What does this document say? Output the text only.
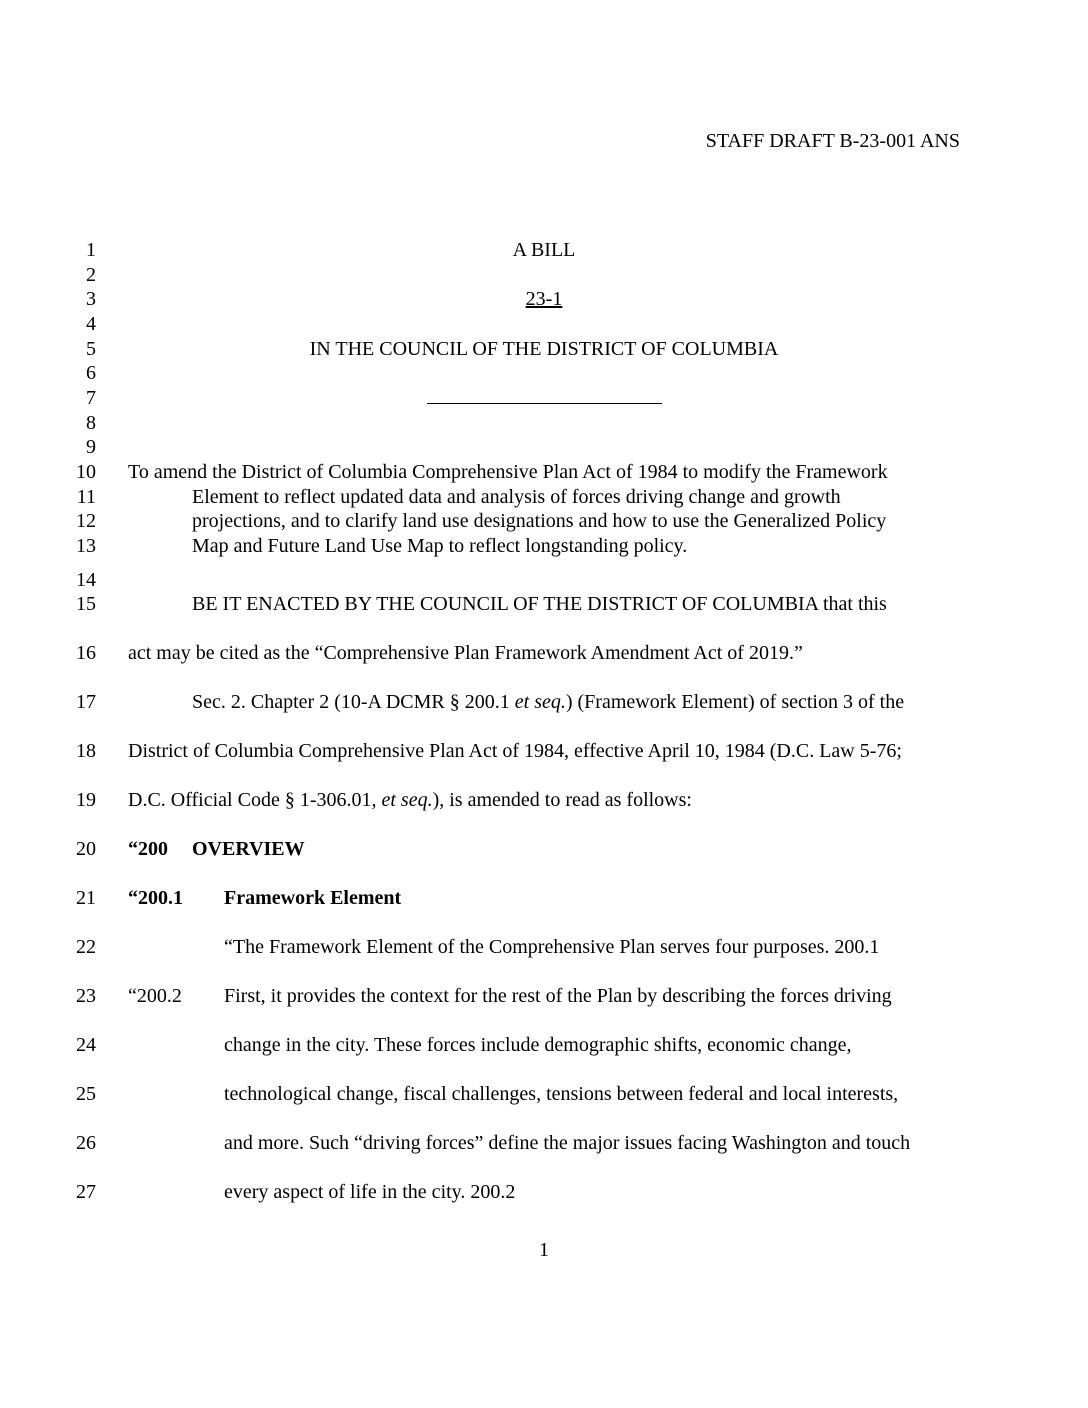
STAFF DRAFT B-23-001 ANS
1
2
3
4
5
6
7
8
9
10
11
12
13
14
15
16
17
18
19
20
21
22
23
24
25
26
27
A BILL
23-1
IN THE COUNCIL OF THE DISTRICT OF COLUMBIA
To amend the District of Columbia Comprehensive Plan Act of 1984 to modify the Framework
Element to reflect updated data and analysis of forces driving change and growth
projections, and to clarify land use designations and how to use the Generalized Policy
Map and Future Land Use Map to reflect longstanding policy.
BE IT ENACTED BY THE COUNCIL OF THE DISTRICT OF COLUMBIA that this
act may be cited as the “Comprehensive Plan Framework Amendment Act of 2019.”
Sec. 2. Chapter 2 (10-A DCMR § 200.1 et seq.) (Framework Element) of section 3 of the
District of Columbia Comprehensive Plan Act of 1984, effective April 10, 1984 (D.C. Law 5-76;
D.C. Official Code § 1-306.01, et seq.), is amended to read as follows:
“200 OVERVIEW
“200.1 Framework Element
“The Framework Element of the Comprehensive Plan serves four purposes. 200.1
“200.2 First, it provides the context for the rest of the Plan by describing the forces driving
change in the city. These forces include demographic shifts, economic change,
technological change, fiscal challenges, tensions between federal and local interests,
and more. Such “driving forces” define the major issues facing Washington and touch
every aspect of life in the city. 200.2
1
